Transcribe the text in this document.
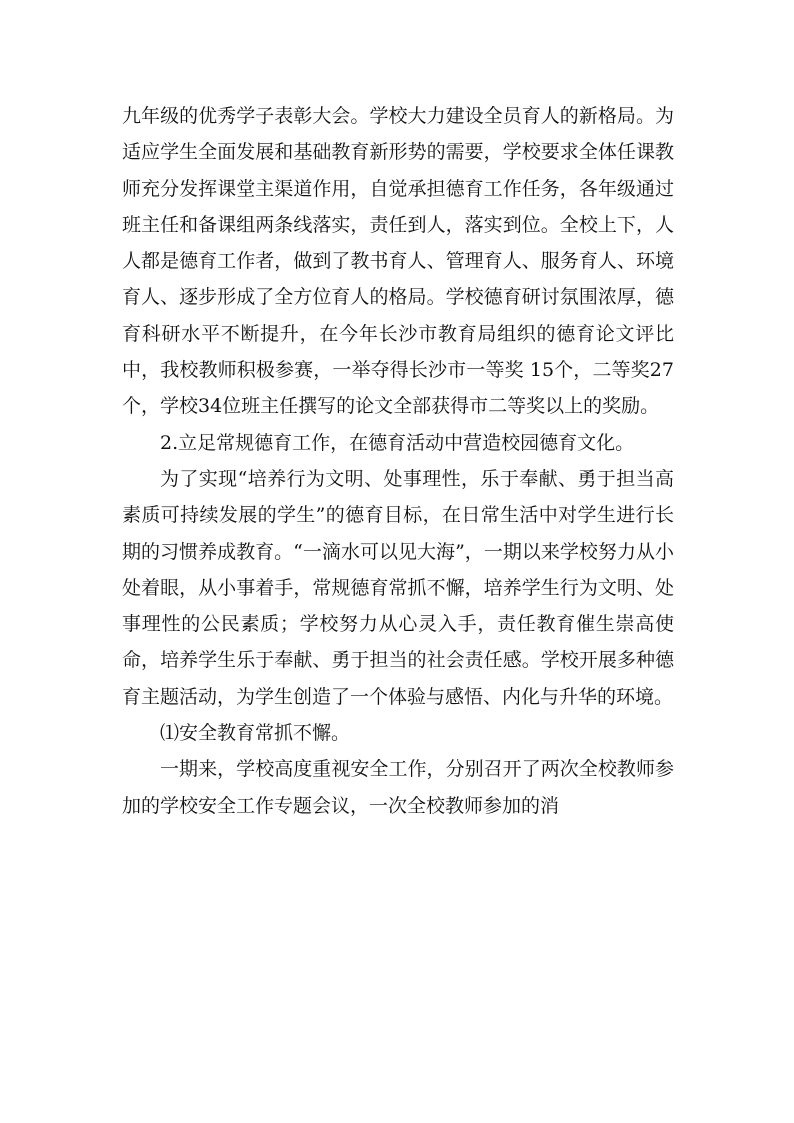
九年级的优秀学子表彰大会。学校大力建设全员育人的新格局。为适应学生全面发展和基础教育新形势的需要，学校要求全体任课教师充分发挥课堂主渠道作用，自觉承担德育工作任务，各年级通过班主任和备课组两条线落实，责任到人，落实到位。全校上下，人人都是德育工作者，做到了教书育人、管理育人、服务育人、环境育人、逐步形成了全方位育人的格局。学校德育研讨氛围浓厚，德育科研水平不断提升，在今年长沙市教育局组织的德育论文评比中，我校教师积极参赛，一举夺得长沙市一等奖 15个，二等奖27 个，学校34位班主任撰写的论文全部获得市二等奖以上的奖励。

2.立足常规德育工作，在德育活动中营造校园德育文化。

为了实现“培养行为文明、处事理性，乐于奉献、勇于担当高素质可持续发展的学生”的德育目标，在日常生活中对学生进行长期的习惯养成教育。“一滴水可以见大海”，一期以来学校努力从小处着眼，从小事着手，常规德育常抓不懈，培养学生行为文明、处事理性的公民素质；学校努力从心灵入手，责任教育催生崇高使命，培养学生乐于奉献、勇于担当的社会责任感。学校开展多种德育主题活动，为学生创造了一个体验与感悟、内化与升华的环境。

⑴安全教育常抓不懈。

一期来，学校高度重视安全工作，分别召开了两次全校教师参加的学校安全工作专题会议，一次全校教师参加的消
